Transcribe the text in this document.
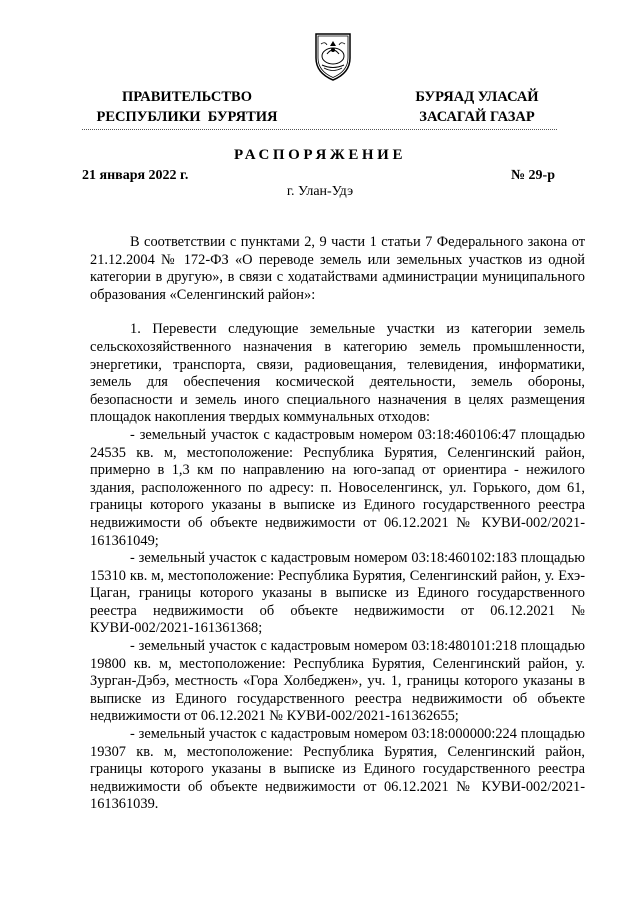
ПРАВИТЕЛЬСТВО
РЕСПУБЛИКИ  БУРЯТИЯ
БУРЯАД УЛАСАЙ
ЗАСАГАЙ ГАЗАР
РАСПОРЯЖЕНИЕ
21 января 2022 г.	№ 29-р
г. Улан-Удэ

В соответствии с пунктами 2, 9 части 1 статьи 7 Федерального закона от 21.12.2004 № 172-ФЗ «О переводе земель или земельных участков из одной категории в другую», в связи с ходатайствами администрации муниципального образования «Селенгинский район»:

1. Перевести следующие земельные участки из категории земель сельскохозяйственного назначения в категорию земель промышленности, энергетики, транспорта, связи, радиовещания, телевидения, информатики, земель для обеспечения космической деятельности, земель обороны, безопасности и земель иного специального назначения в целях размещения площадок накопления твердых коммунальных отходов:

- земельный участок с кадастровым номером 03:18:460106:47 площадью 24535 кв. м, местоположение: Республика Бурятия, Селенгинский район, примерно в 1,3 км по направлению на юго-запад от ориентира - нежилого здания, расположенного по адресу: п. Новоселенгинск, ул. Горького, дом 61, границы которого указаны в выписке из Единого государственного реестра недвижимости об объекте недвижимости от 06.12.2021 № КУВИ-002/2021-161361049;

- земельный участок с кадастровым номером 03:18:460102:183 площадью 15310 кв. м, местоположение: Республика Бурятия, Селенгинский район, у. Ехэ-Цаган, границы которого указаны в выписке из Единого государственного реестра недвижимости об объекте недвижимости от 06.12.2021 № КУВИ-002/2021-161361368;

- земельный участок с кадастровым номером 03:18:480101:218 площадью 19800 кв. м, местоположение: Республика Бурятия, Селенгинский район, у. Зурган-Дэбэ, местность «Гора Холбеджен», уч. 1, границы которого указаны в выписке из Единого государственного реестра недвижимости об объекте недвижимости от 06.12.2021 № КУВИ-002/2021-161362655;

- земельный участок с кадастровым номером 03:18:000000:224 площадью 19307 кв. м, местоположение: Республика Бурятия, Селенгинский район, границы которого указаны в выписке из Единого государственного реестра недвижимости об объекте недвижимости от 06.12.2021 № КУВИ-002/2021-161361039.
